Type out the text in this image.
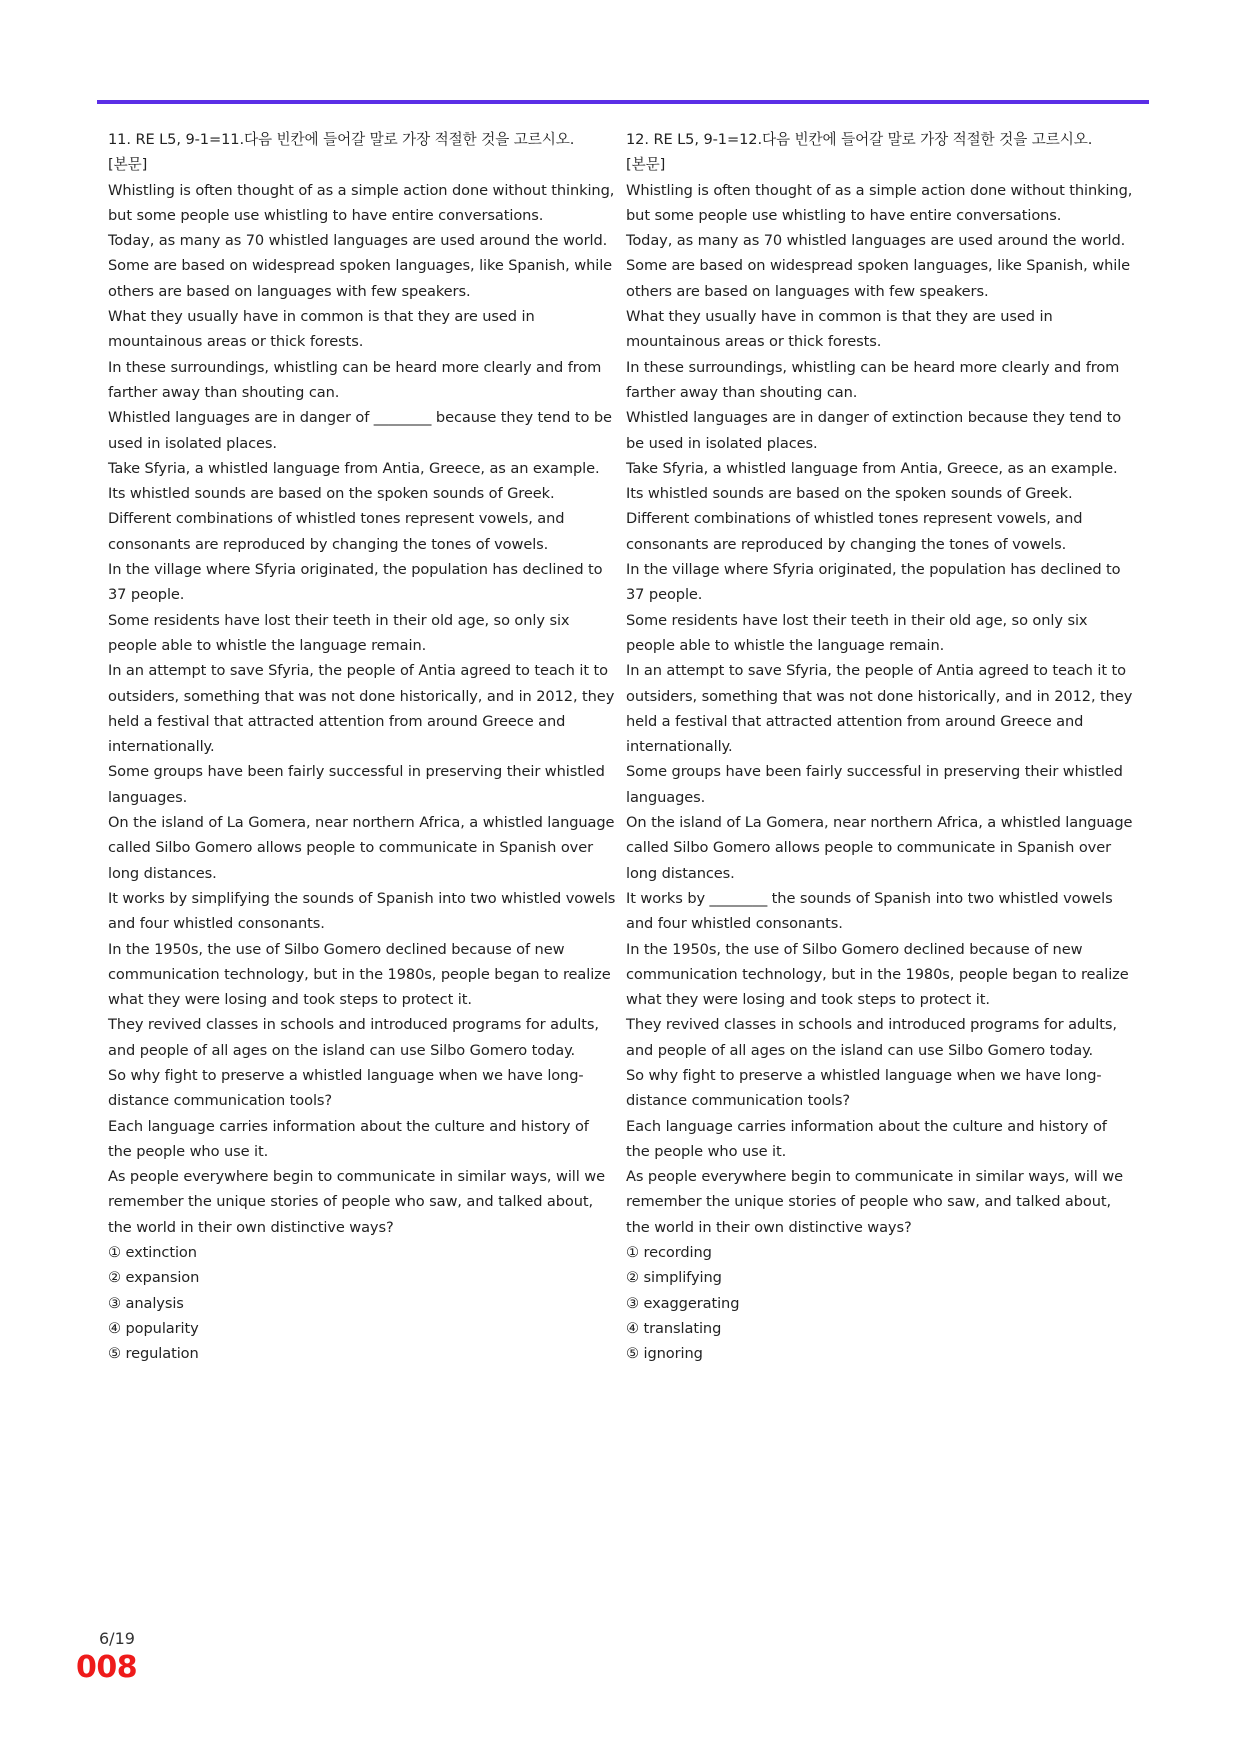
11. RE L5, 9-1=11.다음 빈칸에 들어갈 말로 가장 적절한 것을 고르시오.

[본문]

Whistling is often thought of as a simple action done without thinking, but some people use whistling to have entire conversations.

Today, as many as 70 whistled languages are used around the world.

Some are based on widespread spoken languages, like Spanish, while others are based on languages with few speakers.

What they usually have in common is that they are used in mountainous areas or thick forests.

In these surroundings, whistling can be heard more clearly and from farther away than shouting can.

Whistled languages are in danger of ________ because they tend to be used in isolated places.

Take Sfyria, a whistled language from Antia, Greece, as an example.

Its whistled sounds are based on the spoken sounds of Greek.

Different combinations of whistled tones represent vowels, and consonants are reproduced by changing the tones of vowels.

In the village where Sfyria originated, the population has declined to 37 people.

Some residents have lost their teeth in their old age, so only six people able to whistle the language remain.

In an attempt to save Sfyria, the people of Antia agreed to teach it to outsiders, something that was not done historically, and in 2012, they held a festival that attracted attention from around Greece and internationally.

Some groups have been fairly successful in preserving their whistled languages.

On the island of La Gomera, near northern Africa, a whistled language called Silbo Gomero allows people to communicate in Spanish over long distances.

It works by simplifying the sounds of Spanish into two whistled vowels and four whistled consonants.

In the 1950s, the use of Silbo Gomero declined because of new communication technology, but in the 1980s, people began to realize what they were losing and took steps to protect it.

They revived classes in schools and introduced programs for adults, and people of all ages on the island can use Silbo Gomero today.

So why fight to preserve a whistled language when we have long-distance communication tools?

Each language carries information about the culture and history of the people who use it.

As people everywhere begin to communicate in similar ways, will we remember the unique stories of people who saw, and talked about, the world in their own distinctive ways?

① extinction

② expansion

③ analysis

④ popularity

⑤ regulation

12. RE L5, 9-1=12.다음 빈칸에 들어갈 말로 가장 적절한 것을 고르시오.

[본문]

Whistling is often thought of as a simple action done without thinking, but some people use whistling to have entire conversations.

Today, as many as 70 whistled languages are used around the world.

Some are based on widespread spoken languages, like Spanish, while others are based on languages with few speakers.

What they usually have in common is that they are used in mountainous areas or thick forests.

In these surroundings, whistling can be heard more clearly and from farther away than shouting can.

Whistled languages are in danger of extinction because they tend to be used in isolated places.

Take Sfyria, a whistled language from Antia, Greece, as an example.

Its whistled sounds are based on the spoken sounds of Greek.

Different combinations of whistled tones represent vowels, and consonants are reproduced by changing the tones of vowels.

In the village where Sfyria originated, the population has declined to 37 people.

Some residents have lost their teeth in their old age, so only six people able to whistle the language remain.

In an attempt to save Sfyria, the people of Antia agreed to teach it to outsiders, something that was not done historically, and in 2012, they held a festival that attracted attention from around Greece and internationally.

Some groups have been fairly successful in preserving their whistled languages.

On the island of La Gomera, near northern Africa, a whistled language called Silbo Gomero allows people to communicate in Spanish over long distances.

It works by ________ the sounds of Spanish into two whistled vowels and four whistled consonants.

In the 1950s, the use of Silbo Gomero declined because of new communication technology, but in the 1980s, people began to realize what they were losing and took steps to protect it.

They revived classes in schools and introduced programs for adults, and people of all ages on the island can use Silbo Gomero today.

So why fight to preserve a whistled language when we have long-distance communication tools?

Each language carries information about the culture and history of the people who use it.

As people everywhere begin to communicate in similar ways, will we remember the unique stories of people who saw, and talked about, the world in their own distinctive ways?

① recording

② simplifying

③ exaggerating

④ translating

⑤ ignoring

6/19
008
